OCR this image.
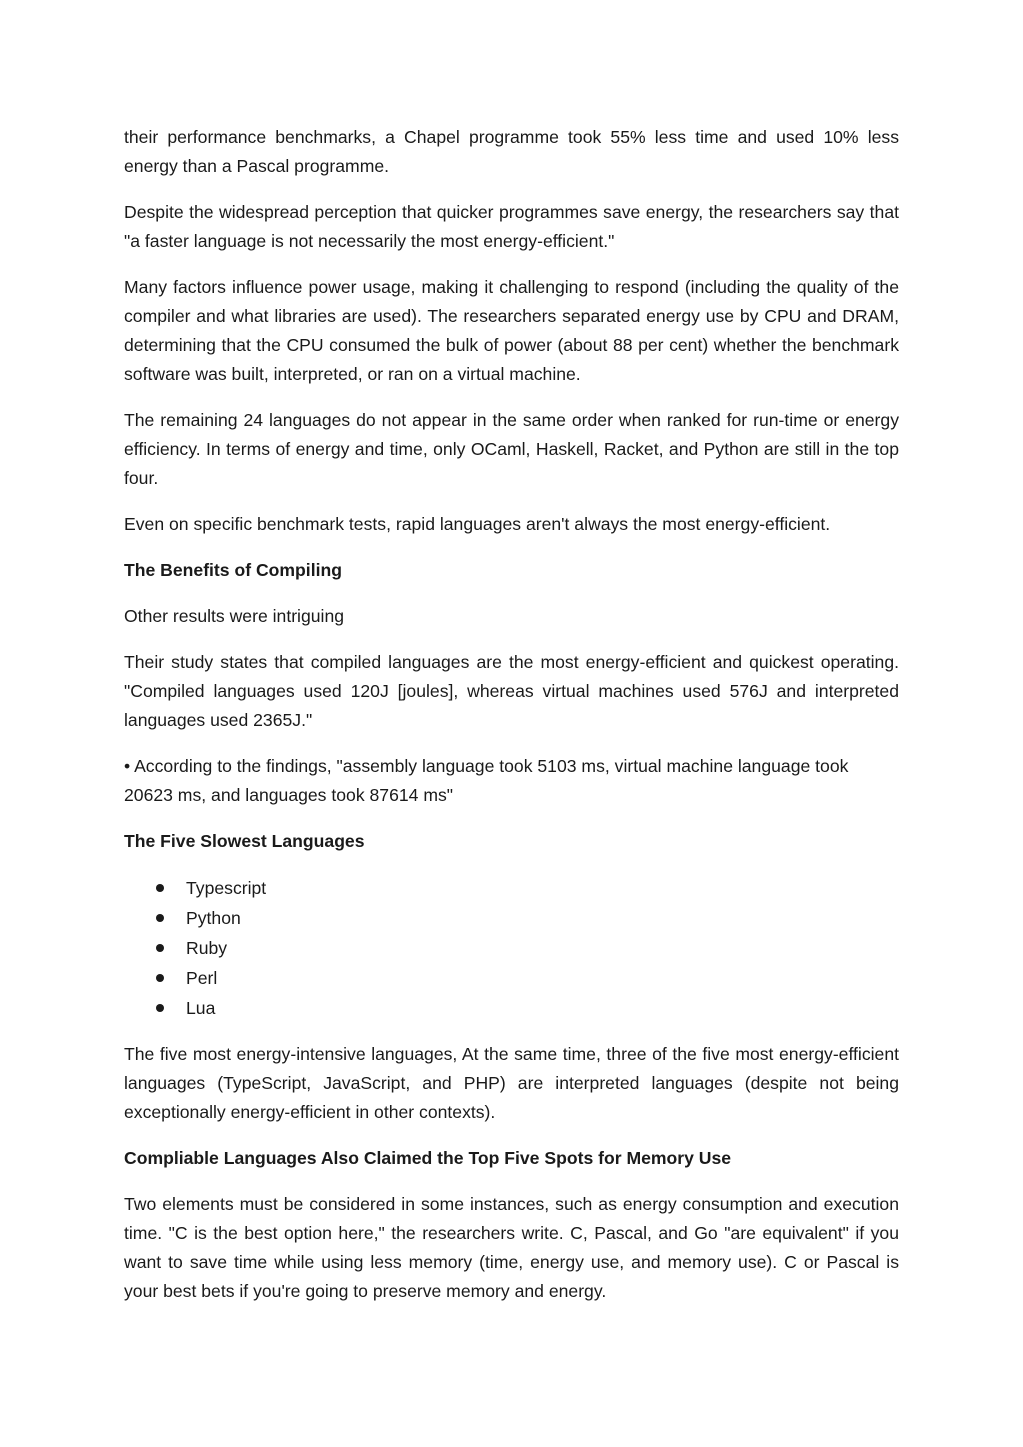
their performance benchmarks, a Chapel programme took 55% less time and used 10% less energy than a Pascal programme.

Despite the widespread perception that quicker programmes save energy, the researchers say that "a faster language is not necessarily the most energy-efficient."

Many factors influence power usage, making it challenging to respond (including the quality of the compiler and what libraries are used). The researchers separated energy use by CPU and DRAM, determining that the CPU consumed the bulk of power (about 88 per cent) whether the benchmark software was built, interpreted, or ran on a virtual machine.

The remaining 24 languages do not appear in the same order when ranked for run-time or energy efficiency. In terms of energy and time, only OCaml, Haskell, Racket, and Python are still in the top four.

Even on specific benchmark tests, rapid languages aren't always the most energy-efficient.

The Benefits of Compiling

Other results were intriguing

Their study states that compiled languages are the most energy-efficient and quickest operating. "Compiled languages used 120J [joules], whereas virtual machines used 576J and interpreted languages used 2365J."

• According to the findings, "assembly language took 5103 ms, virtual machine language took 20623 ms, and languages took 87614 ms"

The Five Slowest Languages

Typescript
Python
Ruby
Perl
Lua

The five most energy-intensive languages, At the same time, three of the five most energy-efficient languages (TypeScript, JavaScript, and PHP) are interpreted languages (despite not being exceptionally energy-efficient in other contexts).

Compliable Languages Also Claimed the Top Five Spots for Memory Use

Two elements must be considered in some instances, such as energy consumption and execution time. "C is the best option here," the researchers write. C, Pascal, and Go "are equivalent" if you want to save time while using less memory (time, energy use, and memory use). C or Pascal is your best bets if you're going to preserve memory and energy.
